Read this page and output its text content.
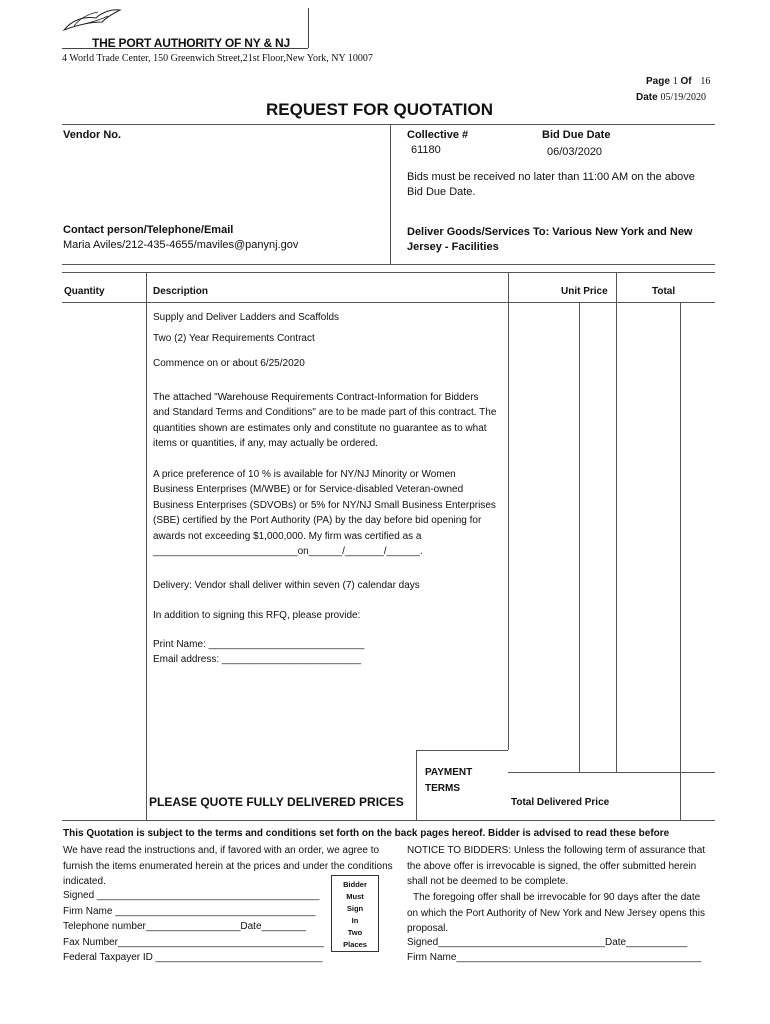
THE PORT AUTHORITY OF NY & NJ
4 World Trade Center, 150 Greenwich Street,21st Floor,New York, NY 10007
Page 1 Of 16
Date 05/19/2020
REQUEST FOR QUOTATION
Vendor No.	Collective #
61180
Bid Due Date
06/03/2020
Bids must be received no later than 11:00 AM on the above Bid Due Date.
Contact person/Telephone/Email
Maria Aviles/212-435-4655/maviles@panynj.gov
Deliver Goods/Services To: Various New York and New Jersey - Facilities
Quantity	Description	Unit Price	Total

Supply and Deliver Ladders and Scaffolds

Two (2) Year Requirements Contract

Commence on or about 6/25/2020

The attached "Warehouse Requirements Contract-Information for Bidders and Standard Terms and Conditions" are to be made part of this contract. The quantities shown are estimates only and constitute no guarantee as to what items or quantities, if any, may actually be ordered.

A price preference of 10 % is available for NY/NJ Minority or Women Business Enterprises (M/WBE) or for Service-disabled Veteran-owned Business Enterprises (SDVOBs) or 5% for NY/NJ Small Business Enterprises (SBE) certified by the Port Authority (PA) by the day before bid opening for awards not exceeding $1,000,000. My firm was certified as a __________________________on______/_______/______.

Delivery: Vendor shall deliver within seven (7) calendar days

In addition to signing this RFQ, please provide:

Print Name: ____________________________

Email address: _________________________

PAYMENT TERMS
PLEASE QUOTE FULLY DELIVERED PRICES	Total Delivered Price
This Quotation is subject to the terms and conditions set forth on the back pages hereof. Bidder is advised to read these before
We have read the instructions and, if favored with an order, we agree to furnish the items enumerated herein at the prices and under the conditions indicated.
Signed ________________________________________
Firm Name ____________________________________
Telephone number_________________Date________
Fax Number_____________________________________
Federal Taxpayer ID ______________________________
Bidder
Must
Sign
In
Two
Places
NOTICE TO BIDDERS: Unless the following term of assurance that the above offer is irrevocable is signed, the offer submitted herein shall not be deemed to be complete.
The foregoing offer shall be irrevocable for 90 days after the date on which the Port Authority of New York and New Jersey opens this proposal.
Signed______________________________Date___________
Firm Name____________________________________________
